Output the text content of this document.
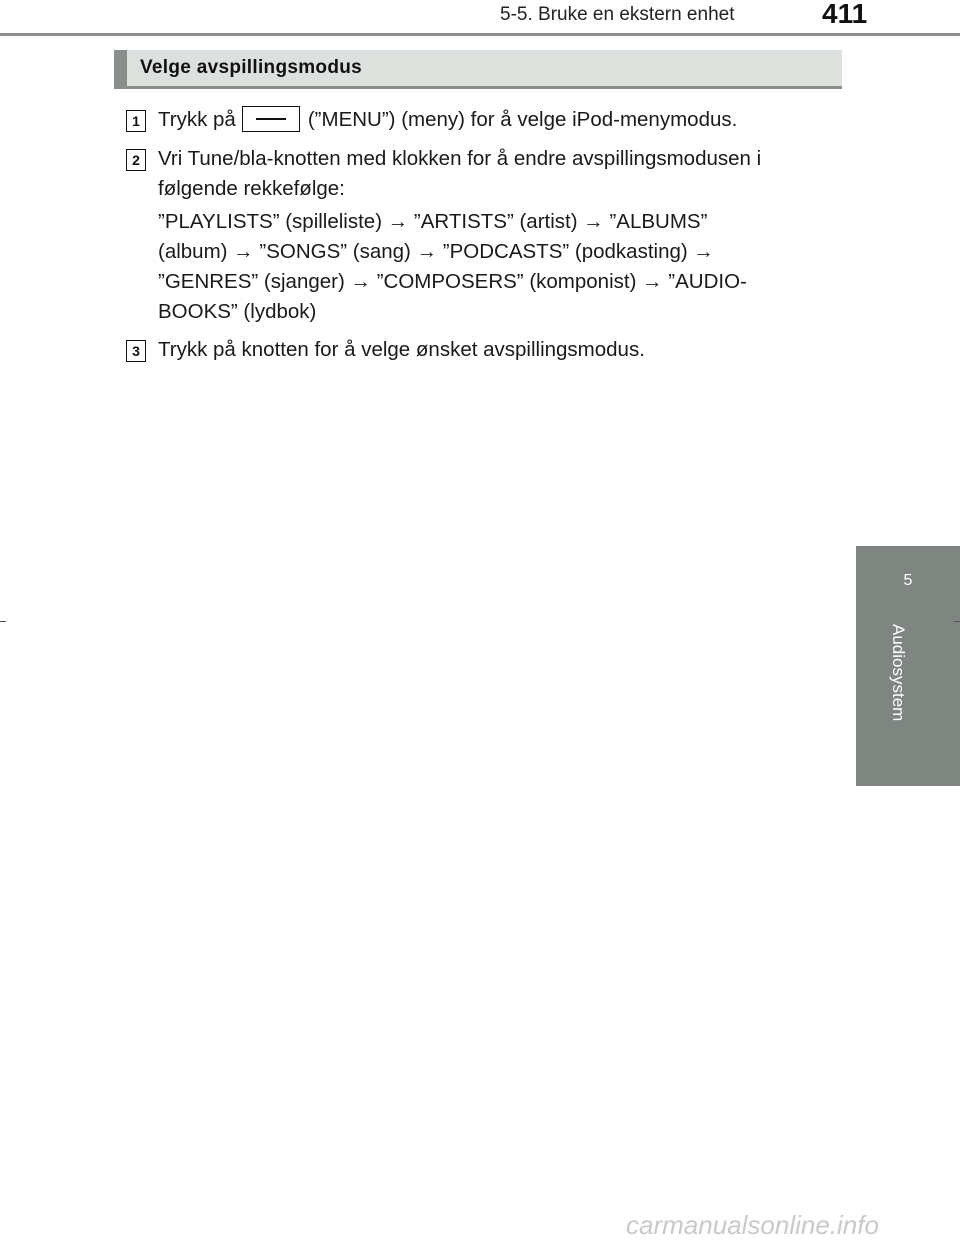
5-5. Bruke en ekstern enhet	411
Velge avspillingsmodus
1 Trykk på	(”MENU”) (meny) for å velge iPod-menymodus.
2 Vri Tune/bla-knotten med klokken for å endre avspillingsmodusen i
følgende rekkefølge:
”PLAYLISTS” (spilleliste) → ”ARTISTS” (artist) → ”ALBUMS”
(album) → ”SONGS” (sang) → ”PODCASTS” (podkasting) →
”GENRES” (sjanger) → ”COMPOSERS” (komponist) → ”AUDIO-
BOOKS” (lydbok)
3 Trykk på knotten for å velge ønsket avspillingsmodus.
5
Audiosystem
carmanualsonline.info
